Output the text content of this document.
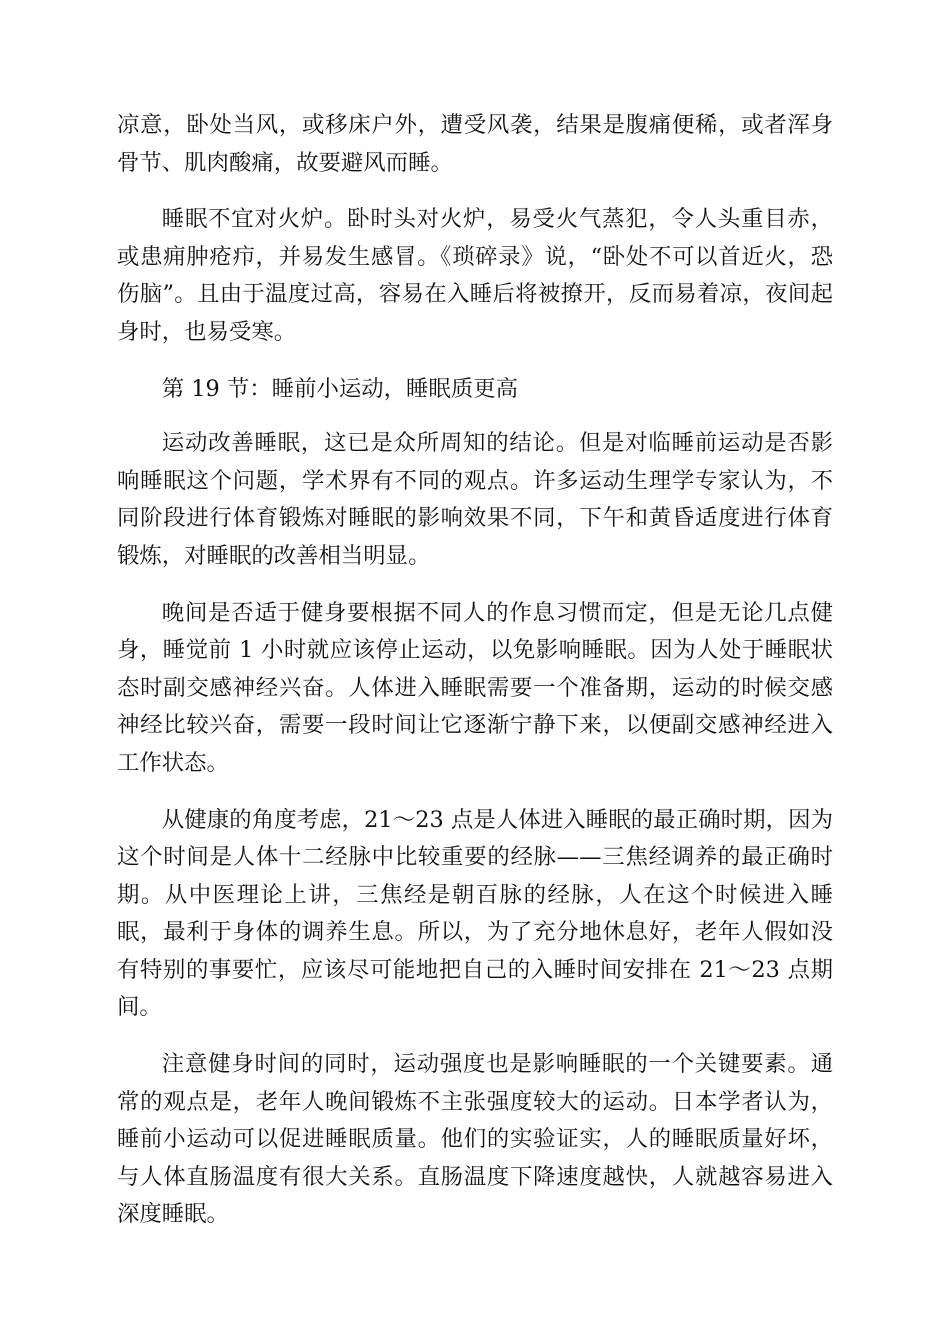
凉意，卧处当风，或移床户外，遭受风袭，结果是腹痛便稀，或者浑身骨节、肌肉酸痛，故要避风而睡。

睡眠不宜对火炉。卧时头对火炉，易受火气蒸犯，令人头重目赤，或患痈肿疮疖，并易发生感冒。《琐碎录》说，“卧处不可以首近火，恐伤脑”。且由于温度过高，容易在入睡后将被撩开，反而易着凉，夜间起身时，也易受寒。

第 19 节：睡前小运动，睡眠质更高

运动改善睡眠，这已是众所周知的结论。但是对临睡前运动是否影响睡眠这个问题，学术界有不同的观点。许多运动生理学专家认为，不同阶段进行体育锻炼对睡眠的影响效果不同，下午和黄昏适度进行体育锻炼，对睡眠的改善相当明显。

晚间是否适于健身要根据不同人的作息习惯而定，但是无论几点健身，睡觉前 1 小时就应该停止运动，以免影响睡眠。因为人处于睡眠状态时副交感神经兴奋。人体进入睡眠需要一个准备期，运动的时候交感神经比较兴奋，需要一段时间让它逐渐宁静下来，以便副交感神经进入工作状态。

从健康的角度考虑，21～23 点是人体进入睡眠的最正确时期，因为这个时间是人体十二经脉中比较重要的经脉——三焦经调养的最正确时期。从中医理论上讲，三焦经是朝百脉的经脉，人在这个时候进入睡眠，最利于身体的调养生息。所以，为了充分地休息好，老年人假如没有特别的事要忙，应该尽可能地把自己的入睡时间安排在 21～23 点期间。

注意健身时间的同时，运动强度也是影响睡眠的一个关键要素。通常的观点是，老年人晚间锻炼不主张强度较大的运动。日本学者认为，睡前小运动可以促进睡眠质量。他们的实验证实，人的睡眠质量好坏，与人体直肠温度有很大关系。直肠温度下降速度越快，人就越容易进入深度睡眠。
